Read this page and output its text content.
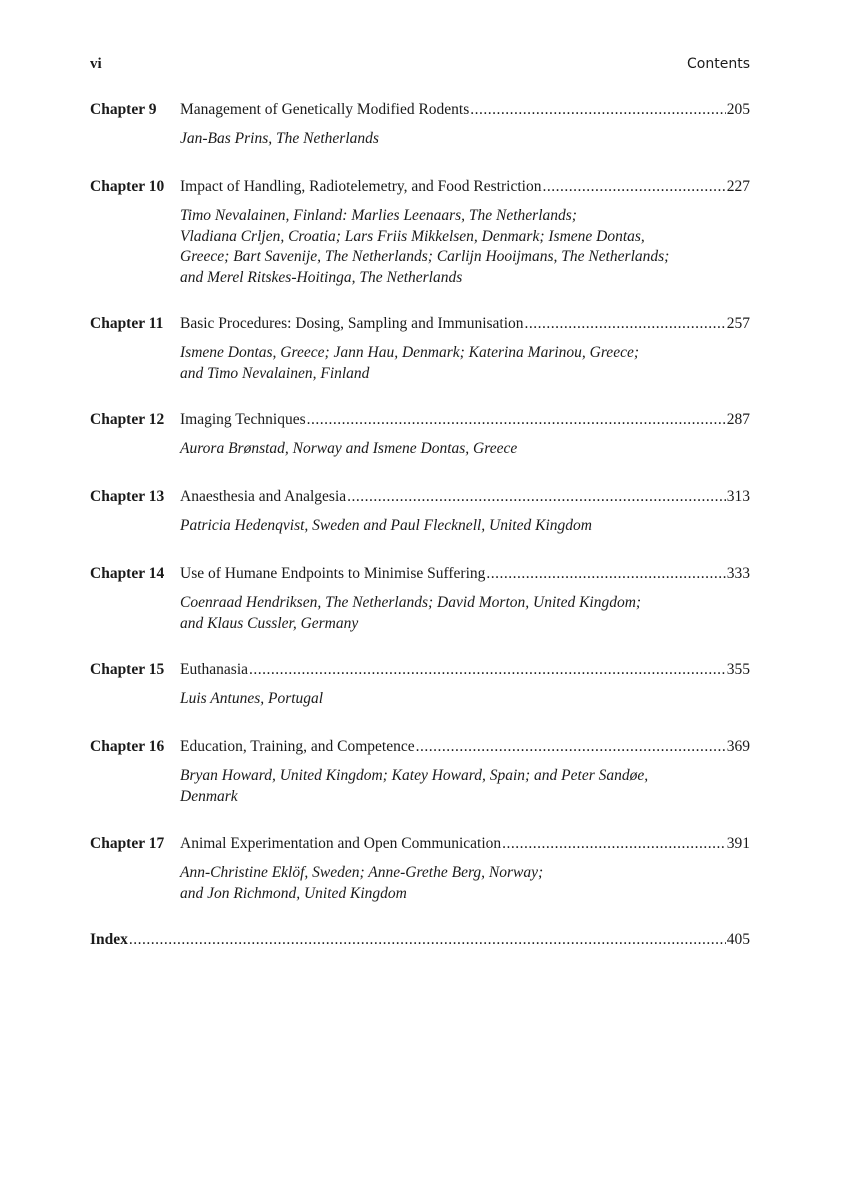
vi	Contents
Chapter 9	Management of Genetically Modified Rodents .....	205
Jan-Bas Prins, The Netherlands
Chapter 10	Impact of Handling, Radiotelemetry, and Food Restriction .....	227
Timo Nevalainen, Finland: Marlies Leenaars, The Netherlands;
Vladiana Crljen, Croatia; Lars Friis Mikkelsen, Denmark; Ismene Dontas,
Greece; Bart Savenije, The Netherlands; Carlijn Hooijmans, The Netherlands;
and Merel Ritskes-Hoitinga, The Netherlands
Chapter 11	Basic Procedures: Dosing, Sampling and Immunisation .....	257
Ismene Dontas, Greece; Jann Hau, Denmark; Katerina Marinou, Greece;
and Timo Nevalainen, Finland
Chapter 12	Imaging Techniques .....	287
Aurora Brønstad, Norway and Ismene Dontas, Greece
Chapter 13	Anaesthesia and Analgesia .....	313
Patricia Hedenqvist, Sweden and Paul Flecknell, United Kingdom
Chapter 14	Use of Humane Endpoints to Minimise Suffering .....	333
Coenraad Hendriksen, The Netherlands; David Morton, United Kingdom;
and Klaus Cussler, Germany
Chapter 15	Euthanasia .....	355
Luis Antunes, Portugal
Chapter 16	Education, Training, and Competence .....	369
Bryan Howard, United Kingdom; Katey Howard, Spain; and Peter Sandøe,
Denmark
Chapter 17	Animal Experimentation and Open Communication .....	391
Ann-Christine Eklöf, Sweden; Anne-Grethe Berg, Norway;
and Jon Richmond, United Kingdom
Index .....	405
